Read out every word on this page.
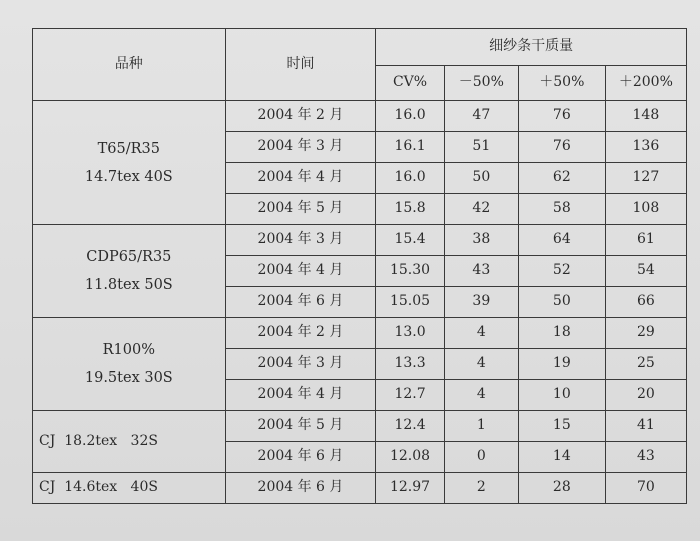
品种	时间	细纱条干质量			
		CV%	－50%	＋50%	＋200%

T65/R35
14.7tex 40S	2004 年 2 月	16.0	47	76	148
	2004 年 3 月	16.1	51	76	136
	2004 年 4 月	16.0	50	62	127
	2004 年 5 月	15.8	42	58	108

CDP65/R35
11.8tex 50S	2004 年 3 月	15.4	38	64	61
	2004 年 4 月	15.30	43	52	54
	2004 年 6 月	15.05	39	50	66

R100%
19.5tex 30S	2004 年 2 月	13.0	4	18	29
	2004 年 3 月	13.3	4	19	25
	2004 年 4 月	12.7	4	10	20
CJ  18.2tex   32S	2004 年 5 月	12.4	1	15	41
	2004 年 6 月	12.08	0	14	43
CJ  14.6tex   40S	2004 年 6 月	12.97	2	28	70
